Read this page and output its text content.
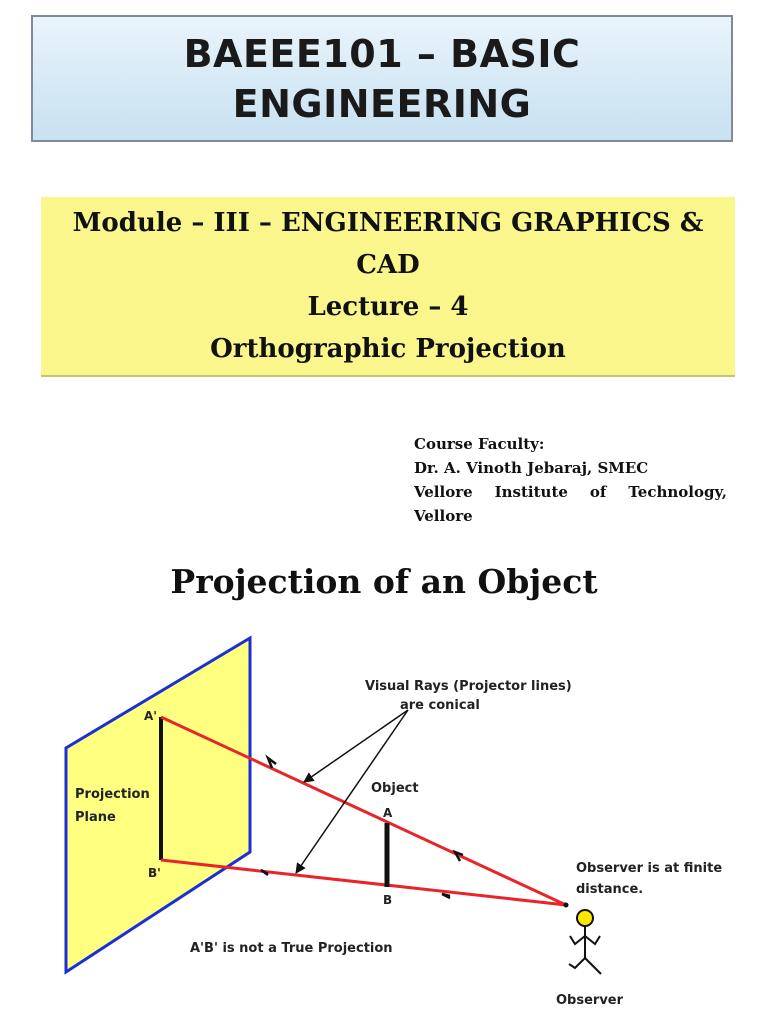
BAEEE101 – BASIC
ENGINEERING
Module – III – ENGINEERING GRAPHICS &
CAD
Lecture – 4
Orthographic Projection
Course Faculty:
Dr. A. Vinoth Jebaraj, SMEC
Vellore Institute of Technology,
Vellore
Projection of an Object
Visual Rays (Projector lines)
are conical
Object
A
B
A'
B'
Projection
Plane
Observer is at finite
distance.
A'B' is not a True Projection
Observer
